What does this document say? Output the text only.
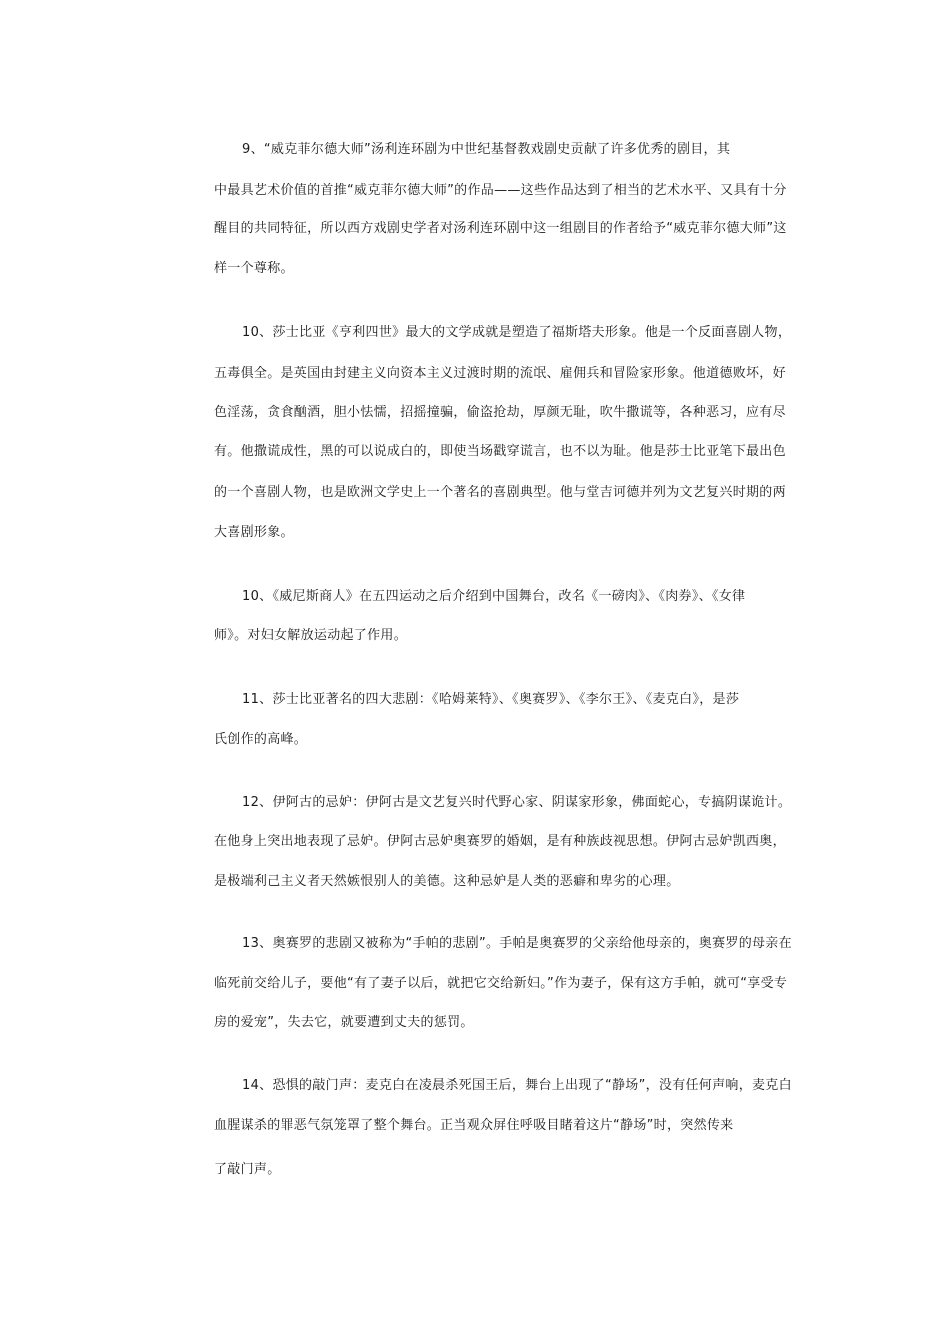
9、“威克菲尔德大师”汤利连环剧为中世纪基督教戏剧史贡献了许多优秀的剧目，其
中最具艺术价值的首推“威克菲尔德大师”的作品——这些作品达到了相当的艺术水平、又具有十分
醒目的共同特征，所以西方戏剧史学者对汤利连环剧中这一组剧目的作者给予“威克菲尔德大师”这
样一个尊称。
10、莎士比亚《亨利四世》最大的文学成就是塑造了福斯塔夫形象。他是一个反面喜剧人物，
五毒俱全。是英国由封建主义向资本主义过渡时期的流氓、雇佣兵和冒险家形象。他道德败坏，好
色淫荡，贪食酗酒，胆小怯懦，招摇撞骗，偷盗抢劫，厚颜无耻，吹牛撒谎等，各种恶习，应有尽
有。他撒谎成性，黑的可以说成白的，即使当场戳穿谎言，也不以为耻。他是莎士比亚笔下最出色
的一个喜剧人物，也是欧洲文学史上一个著名的喜剧典型。他与堂吉诃德并列为文艺复兴时期的两
大喜剧形象。
10、《威尼斯商人》在五四运动之后介绍到中国舞台，改名《一磅肉》、《肉券》、《女律
师》。对妇女解放运动起了作用。
11、莎士比亚著名的四大悲剧：《哈姆莱特》、《奥赛罗》、《李尔王》、《麦克白》，是莎
氏创作的高峰。
12、伊阿古的忌妒：伊阿古是文艺复兴时代野心家、阴谋家形象，佛面蛇心，专搞阴谋诡计。
在他身上突出地表现了忌妒。伊阿古忌妒奥赛罗的婚姻，是有种族歧视思想。伊阿古忌妒凯西奥，
是极端利己主义者天然嫉恨别人的美德。这种忌妒是人类的恶癖和卑劣的心理。
13、奥赛罗的悲剧又被称为“手帕的悲剧”。手帕是奥赛罗的父亲给他母亲的，奥赛罗的母亲在
临死前交给儿子，要他“有了妻子以后，就把它交给新妇。”作为妻子，保有这方手帕，就可“享受专
房的爱宠”，失去它，就要遭到丈夫的惩罚。
14、恐惧的敲门声：麦克白在凌晨杀死国王后，舞台上出现了“静场”，没有任何声响，麦克白
血腥谋杀的罪恶气氛笼罩了整个舞台。正当观众屏住呼吸目睹着这片“静场”时，突然传来
了敲门声。
